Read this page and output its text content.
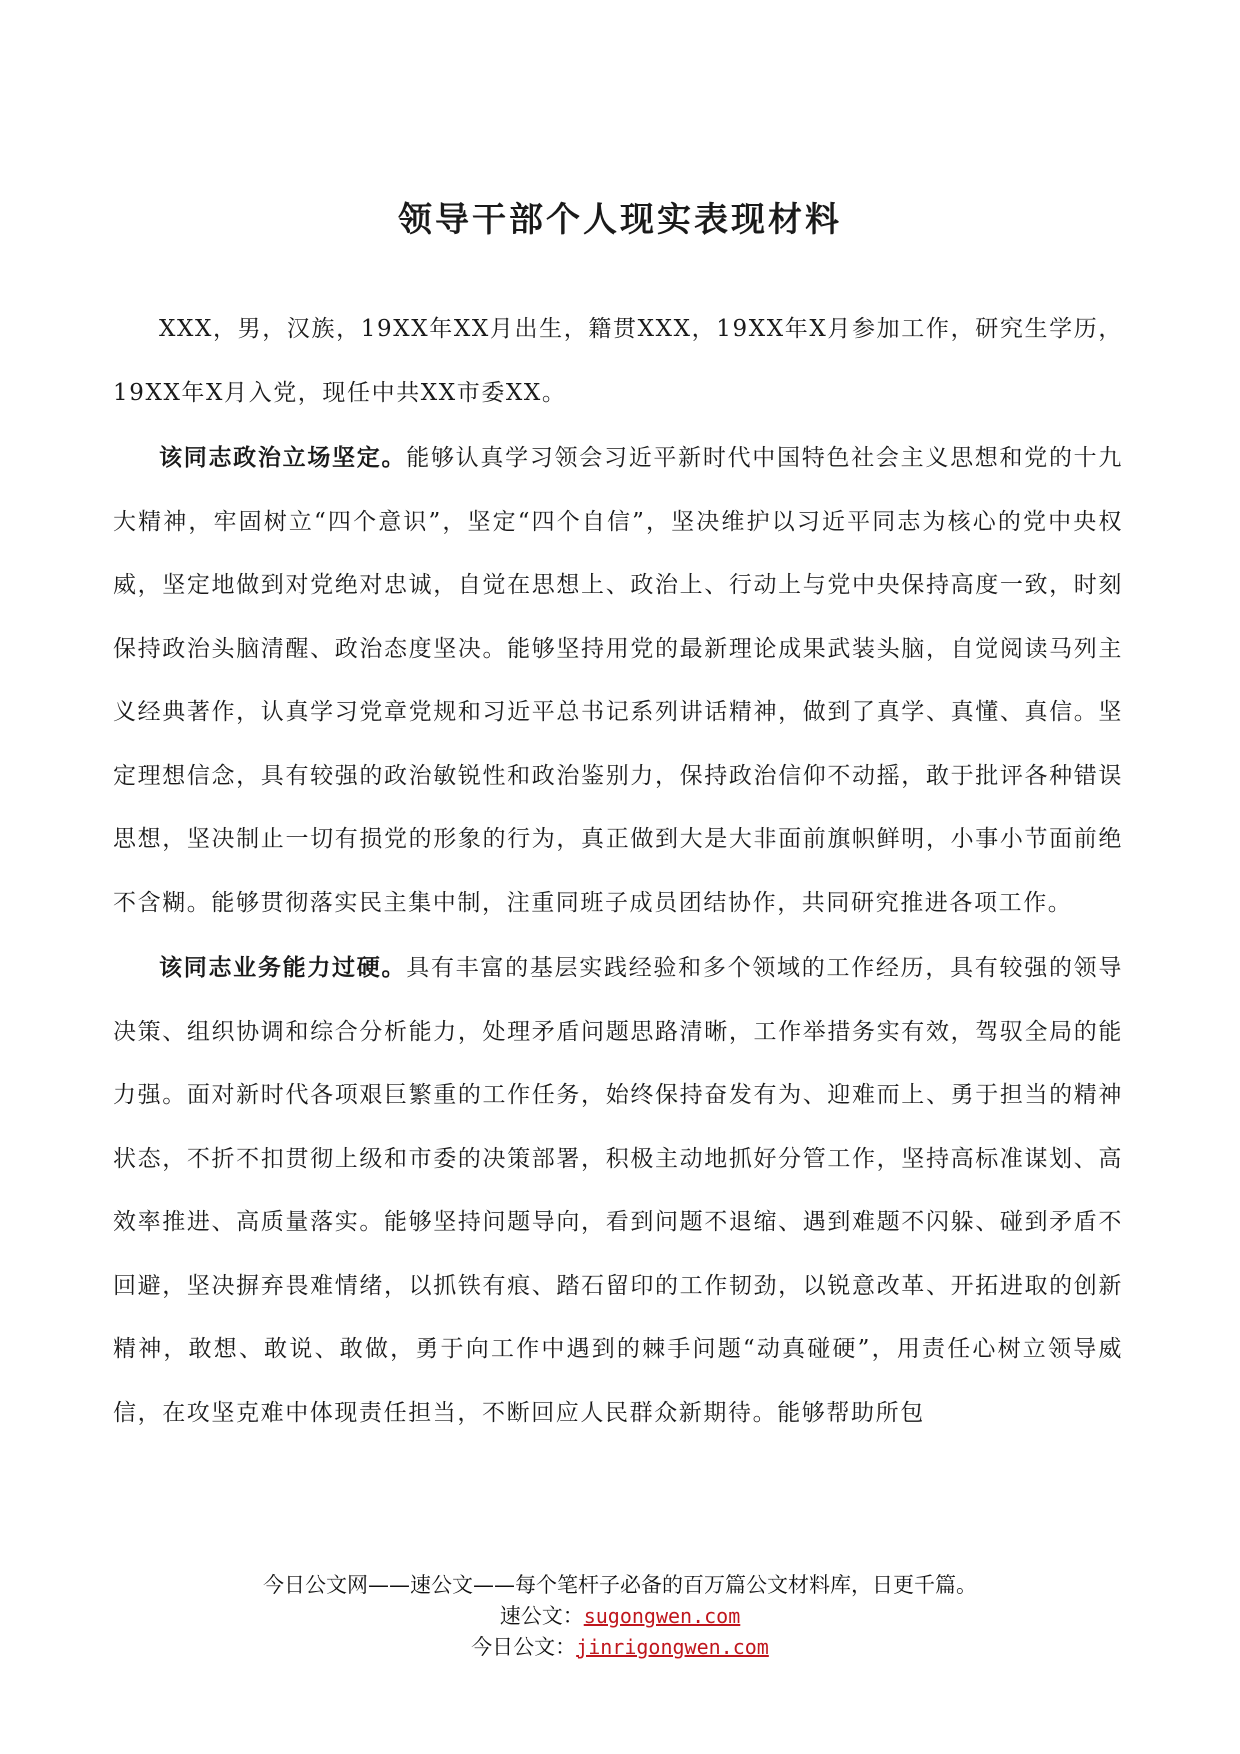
领导干部个人现实表现材料

XXX，男，汉族，19XX年XX月出生，籍贯XXX，19XX年X月参加工作，研究生学历，19XX年X月入党，现任中共XX市委XX。

该同志政治立场坚定。能够认真学习领会习近平新时代中国特色社会主义思想和党的十九大精神，牢固树立“四个意识”，坚定“四个自信”，坚决维护以习近平同志为核心的党中央权威，坚定地做到对党绝对忠诚，自觉在思想上、政治上、行动上与党中央保持高度一致，时刻保持政治头脑清醒、政治态度坚决。能够坚持用党的最新理论成果武装头脑，自觉阅读马列主义经典著作，认真学习党章党规和习近平总书记系列讲话精神，做到了真学、真懂、真信。坚定理想信念，具有较强的政治敏锐性和政治鉴别力，保持政治信仰不动摇，敢于批评各种错误思想，坚决制止一切有损党的形象的行为，真正做到大是大非面前旗帜鲜明，小事小节面前绝不含糊。能够贯彻落实民主集中制，注重同班子成员团结协作，共同研究推进各项工作。

该同志业务能力过硬。具有丰富的基层实践经验和多个领域的工作经历，具有较强的领导决策、组织协调和综合分析能力，处理矛盾问题思路清晰，工作举措务实有效，驾驭全局的能力强。面对新时代各项艰巨繁重的工作任务，始终保持奋发有为、迎难而上、勇于担当的精神状态，不折不扣贯彻上级和市委的决策部署，积极主动地抓好分管工作，坚持高标准谋划、高效率推进、高质量落实。能够坚持问题导向，看到问题不退缩、遇到难题不闪躲、碰到矛盾不回避，坚决摒弃畏难情绪，以抓铁有痕、踏石留印的工作韧劲，以锐意改革、开拓进取的创新精神，敢想、敢说、敢做，勇于向工作中遇到的棘手问题“动真碰硬”，用责任心树立领导威信，在攻坚克难中体现责任担当，不断回应人民群众新期待。能够帮助所包

今日公文网——速公文——每个笔杆子必备的百万篇公文材料库，日更千篇。
速公文：sugongwen.com
今日公文：jinrigongwen.com
